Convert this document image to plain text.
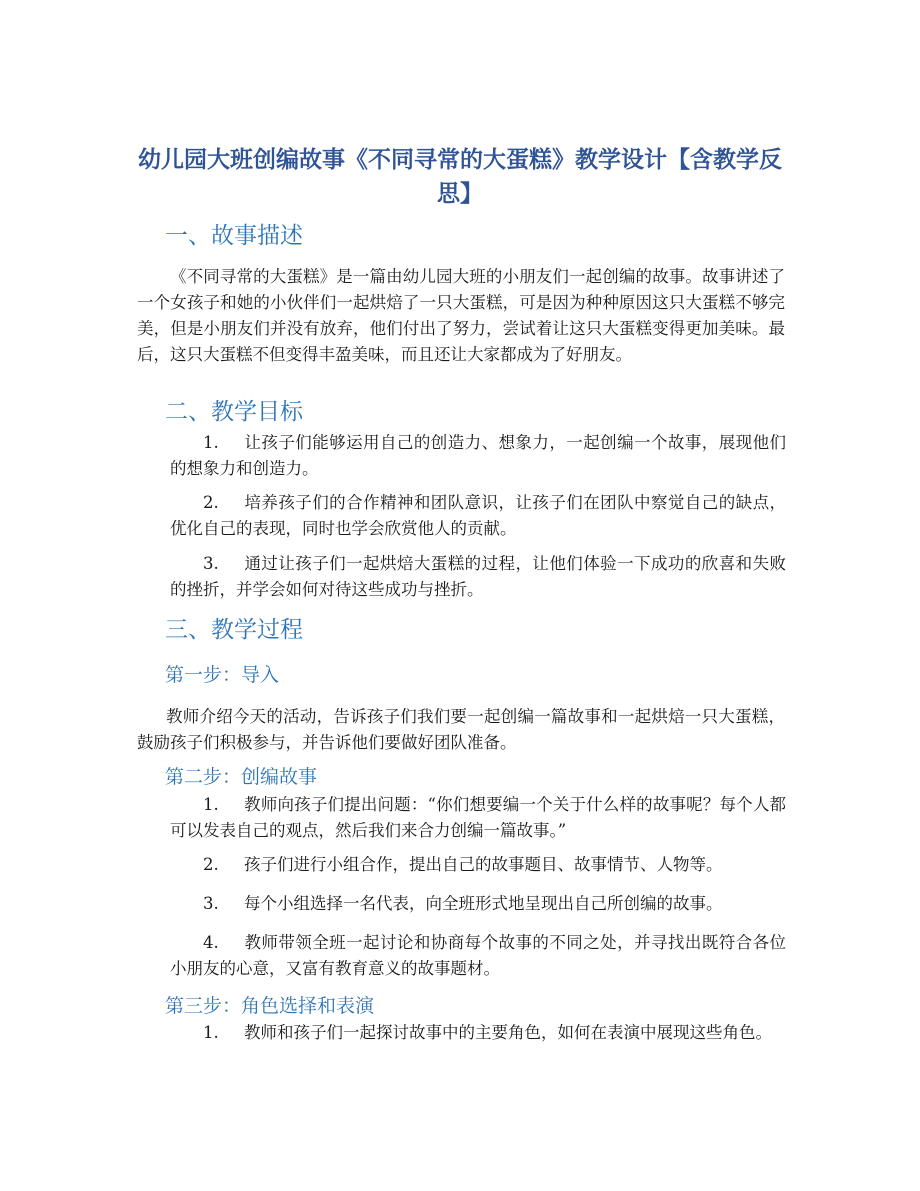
幼儿园大班创编故事《不同寻常的大蛋糕》教学设计【含教学反思】
一、故事描述

《不同寻常的大蛋糕》是一篇由幼儿园大班的小朋友们一起创编的故事。故事讲述了一个女孩子和她的小伙伴们一起烘焙了一只大蛋糕，可是因为种种原因这只大蛋糕不够完美，但是小朋友们并没有放弃，他们付出了努力，尝试着让这只大蛋糕变得更加美味。最后，这只大蛋糕不但变得丰盈美味，而且还让大家都成为了好朋友。

二、教学目标

1. 让孩子们能够运用自己的创造力、想象力，一起创编一个故事，展现他们的想象力和创造力。

2. 培养孩子们的合作精神和团队意识，让孩子们在团队中察觉自己的缺点，优化自己的表现，同时也学会欣赏他人的贡献。

3. 通过让孩子们一起烘焙大蛋糕的过程，让他们体验一下成功的欣喜和失败的挫折，并学会如何对待这些成功与挫折。

三、教学过程
第一步：导入

教师介绍今天的活动，告诉孩子们我们要一起创编一篇故事和一起烘焙一只大蛋糕，鼓励孩子们积极参与，并告诉他们要做好团队准备。

第二步：创编故事

1. 教师向孩子们提出问题：“你们想要编一个关于什么样的故事呢？每个人都可以发表自己的观点，然后我们来合力创编一篇故事。”

2. 孩子们进行小组合作，提出自己的故事题目、故事情节、人物等。

3. 每个小组选择一名代表，向全班形式地呈现出自己所创编的故事。

4. 教师带领全班一起讨论和协商每个故事的不同之处，并寻找出既符合各位小朋友的心意，又富有教育意义的故事题材。

第三步：角色选择和表演

1. 教师和孩子们一起探讨故事中的主要角色，如何在表演中展现这些角色。
